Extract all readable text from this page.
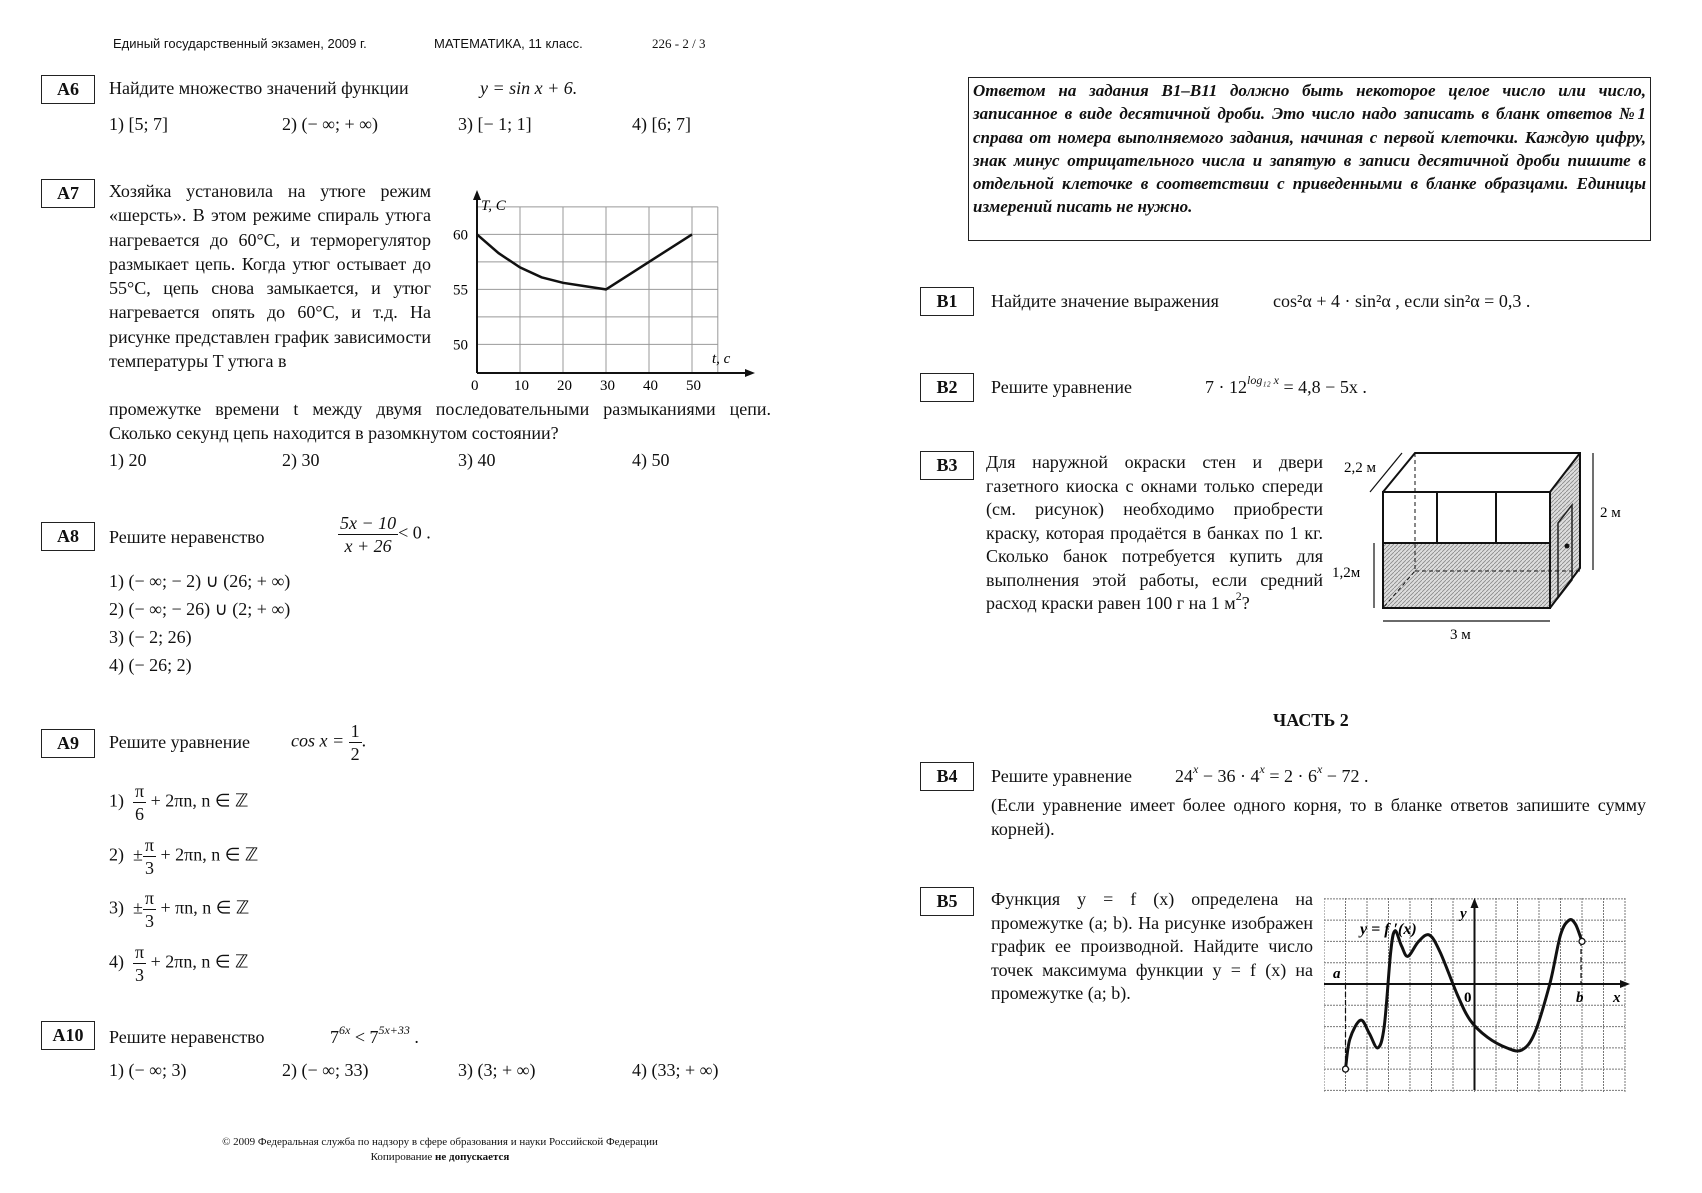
Единый государственный экзамен, 2009 г.	МАТЕМАТИКА, 11 класс.	226 - 2 / 3
A6	Найдите множество значений функции	y = sin x + 6.
1) [5; 7]	2) (− ∞; + ∞)	3) [− 1; 1]	4) [6; 7]
A7	Хозяйка установила на утюге режим «шерсть». В этом режиме спираль утюга нагревается до 60°С, и терморегулятор размыкает цепь. Когда утюг остывает до 55°С, цепь снова замыкается, и утюг нагревается опять до 60°С, и т.д. На рисунке представлен график зависимости температуры T утюга в
промежутке времени t между двумя последовательными размыканиями цепи. Сколько секунд цепь находится в разомкнутом состоянии?
1) 20	2) 30	3) 40	4) 50
T, C
t, c
0 10 20 30 40 50
60
55
50
A8	Решите неравенство	$\frac{5x - 10}{x + 26} < 0$ .
1) (− ∞; − 2) ∪ (26; + ∞)
2) (− ∞; − 26) ∪ (2; + ∞)
3) (− 2; 26)
4) (− 26; 2)
A9	Решите уравнение $\cos x = \frac{1}{2}$ .
$1) \frac{\pi}{6} + 2\pi n$, n ∈ ℤ
$2) \pm \frac{\pi}{3} + 2\pi n$, n ∈ ℤ
$3) \pm \frac{\pi}{3} + \pi n$, n ∈ ℤ
$4) \frac{\pi}{3} + 2\pi n$, n ∈ ℤ
A10	Решите неравенство	$7^{6x} < 7^{5x+33}$ .
1) (− ∞; 3)	2) (− ∞; 33)	3) (3; + ∞)	4) (33; + ∞)
© 2009 Федеральная служба по надзору в сфере образования и науки Российской Федерации
Копирование не допускается
Ответом на задания В1–В11 должно быть некоторое целое число или число, записанное в виде десятичной дроби. Это число надо записать в бланк ответов №1 справа от номера выполняемого задания, начиная с первой клеточки. Каждую цифру, знак минус отрицательного числа и запятую в записи десятичной дроби пишите в отдельной клеточке в соответствии с приведенными в бланке образцами. Единицы измерений писать не нужно.
B1	Найдите значение выражения	cos²α + 4 · sin²α , если sin²α = 0,3 .
B2	Решите уравнение	$7 \cdot 12^{log_{12} x} = 4,8 - 5x$ .
B3	Для наружной окраски стен и двери газетного киоска с окнами только спереди (см. рисунок) необходимо приобрести краску, которая продаётся в банках по 1 кг. Сколько банок потребуется купить для выполнения этой работы, если средний расход краски равен 100 г на 1 $м^2$?
2,2 м
2 м
1,2м
3 м
ЧАСТЬ 2
B4	Решите уравнение $24^x - 36 \cdot 4^x = 2 \cdot 6^x - 72$ .
(Если уравнение имеет более одного корня, то в бланке ответов запишите сумму корней).
B5	Функция y = f (x) определена на промежутке (a; b). На рисунке изображен график ее производной. Найдите число точек максимума функции y = f (x) на промежутке (a; b).
y = f ′(x)
a
b x
y
0
